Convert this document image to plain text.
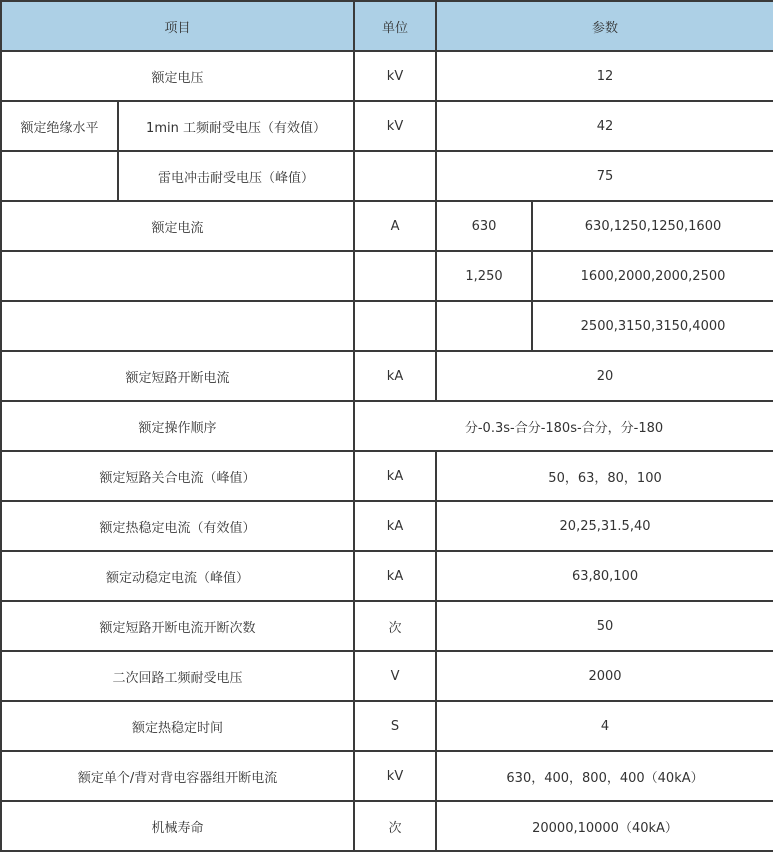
项目		单位	参数	
额定电压		kV	12	
额定绝缘水平	1min 工频耐受电压（有效值）	kV	42	
	雷电冲击耐受电压（峰值）		75	
额定电流		A	630	630,1250,1250,1600
			1,250	1600,2000,2000,2500
				2500,3150,3150,4000
额定短路开断电流		kA	20	
额定操作顺序		分-0.3s-合分-180s-合分，分-180		
额定短路关合电流（峰值）		kA	50，63，80，100	
额定热稳定电流（有效值）		kA	20,25,31.5,40	
额定动稳定电流（峰值）		kA	63,80,100	
额定短路开断电流开断次数		次	50	
二次回路工频耐受电压		V	2000	
额定热稳定时间		S	4	
额定单个/背对背电容器组开断电流		kV	630，400，800，400（40kA）	
机械寿命		次	20000,10000（40kA）	
